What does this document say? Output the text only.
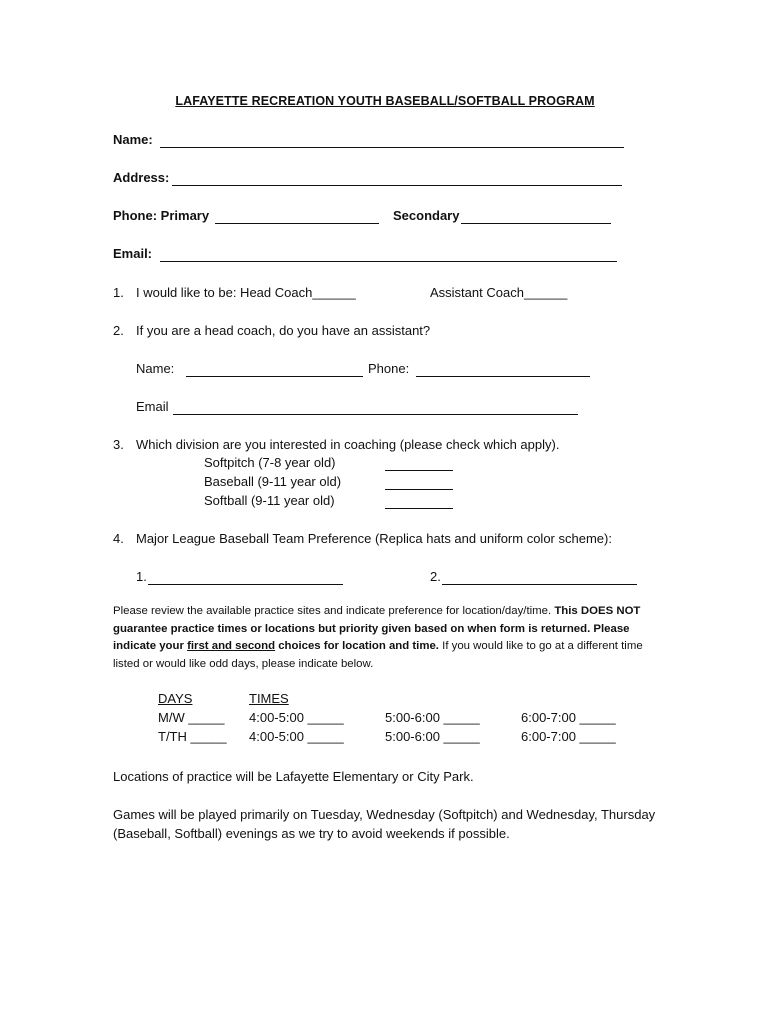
LAFAYETTE RECREATION YOUTH BASEBALL/SOFTBALL PROGRAM
Name:
Address:
Phone: Primary	Secondary
Email:
1. I would like to be: Head Coach______	Assistant Coach______
2. If you are a head coach, do you have an assistant?
Name:	Phone:
Email
3. Which division are you interested in coaching (please check which apply).
Softpitch (7-8 year old)
Baseball (9-11 year old)
Softball (9-11 year old)
4. Major League Baseball Team Preference (Replica hats and uniform color scheme):
1.	2.
Please review the available practice sites and indicate preference for location/day/time. This DOES NOT guarantee practice times or locations but priority given based on when form is returned. Please indicate your first and second choices for location and time. If you would like to go at a different time listed or would like odd days, please indicate below.
DAYS	TIMES
M/W _____ 4:00-5:00 _____	5:00-6:00 _____	6:00-7:00 _____
T/TH _____ 4:00-5:00 _____	5:00-6:00 _____	6:00-7:00 _____
Locations of practice will be Lafayette Elementary or City Park.
Games will be played primarily on Tuesday, Wednesday (Softpitch) and Wednesday, Thursday (Baseball, Softball) evenings as we try to avoid weekends if possible.
